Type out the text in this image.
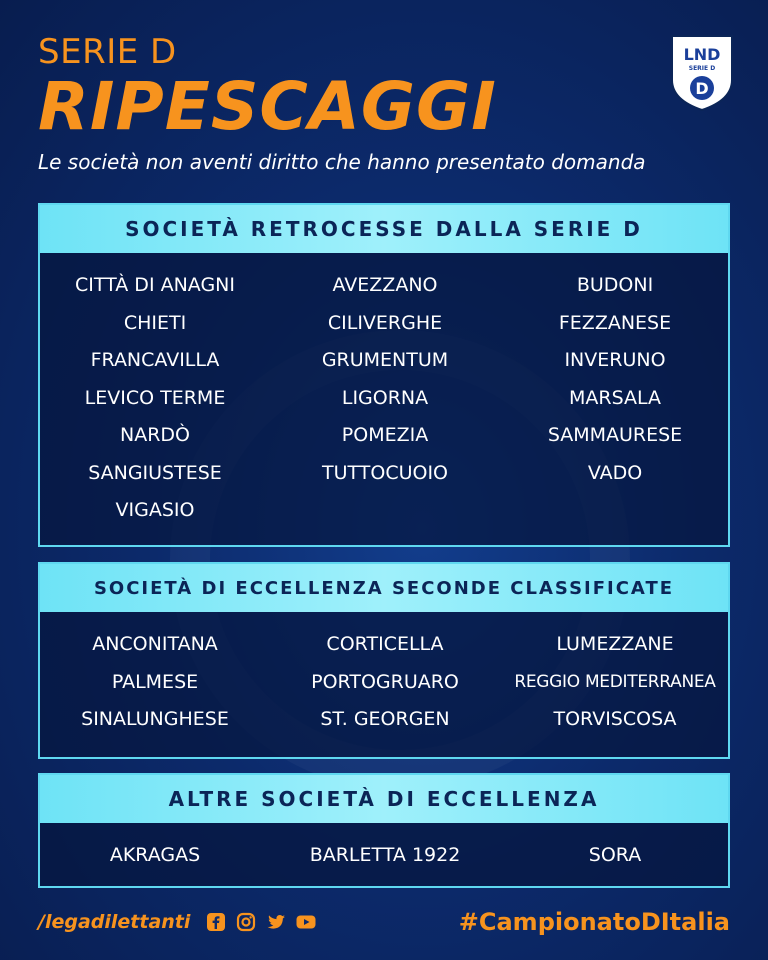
SERIE D
RIPESCAGGI
Le società non aventi diritto che hanno presentato domanda
LND
SERIE D
D
SOCIETÀ RETROCESSE DALLA SERIE D
CITTÀ DI ANAGNI	AVEZZANO	BUDONI
CHIETI	CILIVERGHE	FEZZANESE
FRANCAVILLA	GRUMENTUM	INVERUNO
LEVICO TERME	LIGORNA	MARSALA
NARDÒ	POMEZIA	SAMMAURESE
SANGIUSTESE	TUTTOCUOIO	VADO
VIGASIO
SOCIETÀ DI ECCELLENZA SECONDE CLASSIFICATE
ANCONITANA	CORTICELLA	LUMEZZANE
PALMESE	PORTOGRUARO	REGGIO MEDITERRANEA
SINALUNGHESE	ST. GEORGEN	TORVISCOSA
ALTRE SOCIETÀ DI ECCELLENZA
AKRAGAS	BARLETTA 1922	SORA
/legadilettanti	#CampionatoDItalia
